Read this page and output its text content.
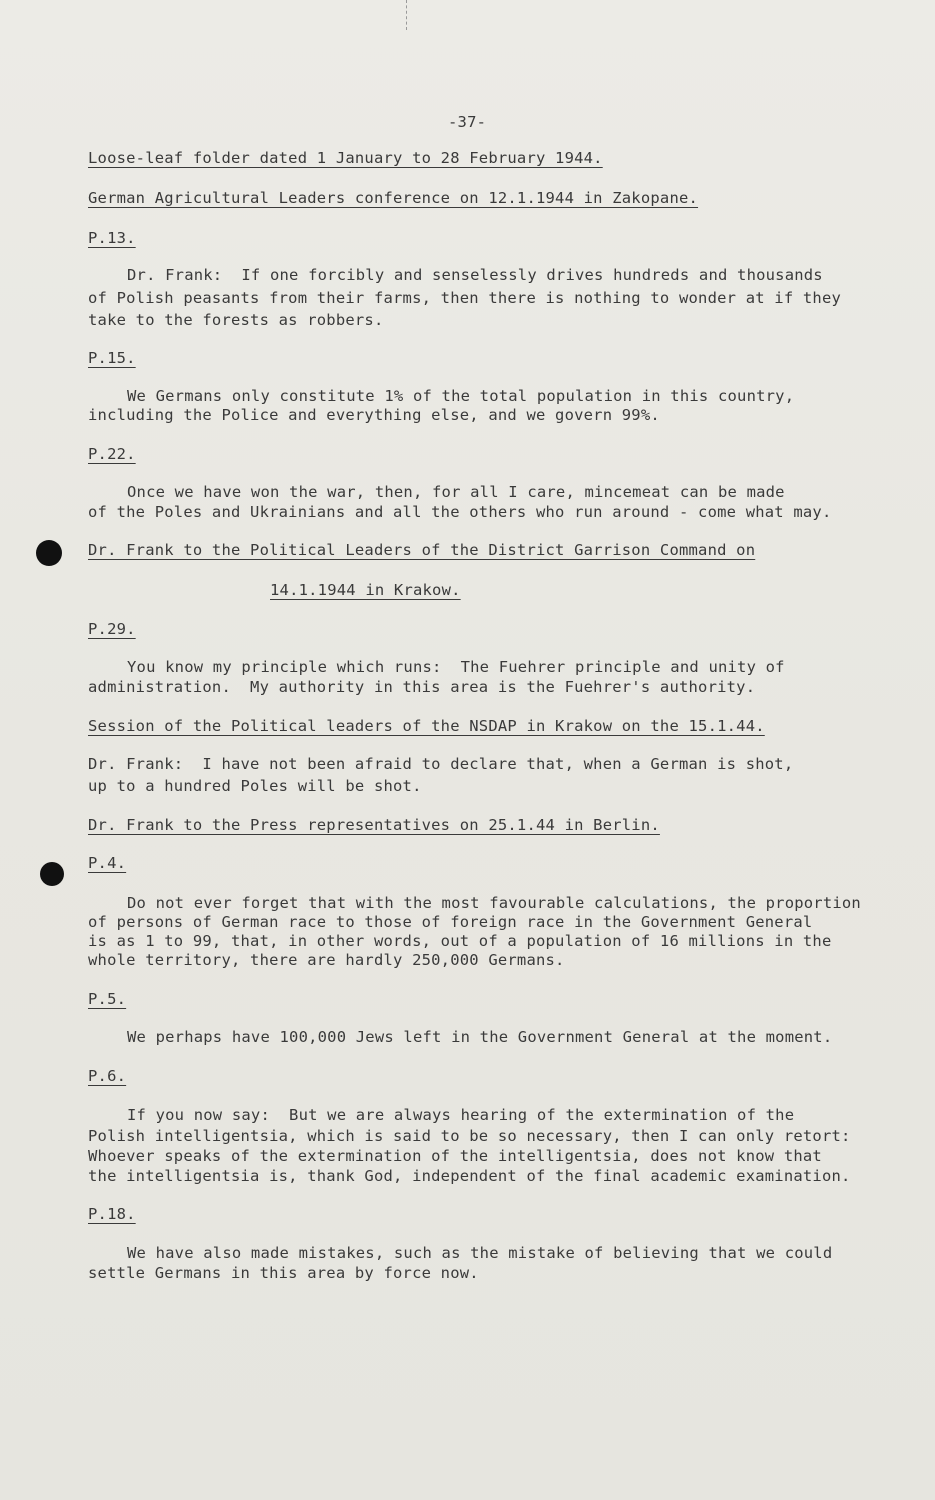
-37-
Loose-leaf folder dated 1 January to 28 February 1944.
German Agricultural Leaders conference on 12.1.1944 in Zakopane.
P.13.
Dr. Frank:  If one forcibly and senselessly drives hundreds and thousands
of Polish peasants from their farms, then there is nothing to wonder at if they
take to the forests as robbers.
P.15.
We Germans only constitute 1% of the total population in this country,
including the Police and everything else, and we govern 99%.
P.22.
Once we have won the war, then, for all I care, mincemeat can be made
of the Poles and Ukrainians and all the others who run around - come what may.
Dr. Frank to the Political Leaders of the District Garrison Command on
14.1.1944 in Krakow.
P.29.
You know my principle which runs:  The Fuehrer principle and unity of
administration.  My authority in this area is the Fuehrer's authority.
Session of the Political leaders of the NSDAP in Krakow on the 15.1.44.
Dr. Frank:  I have not been afraid to declare that, when a German is shot,
up to a hundred Poles will be shot.
Dr. Frank to the Press representatives on 25.1.44 in Berlin.
P.4.
Do not ever forget that with the most favourable calculations, the proportion
of persons of German race to those of foreign race in the Government General
is as 1 to 99, that, in other words, out of a population of 16 millions in the
whole territory, there are hardly 250,000 Germans.
P.5.
We perhaps have 100,000 Jews left in the Government General at the moment.
P.6.
If you now say:  But we are always hearing of the extermination of the
Polish intelligentsia, which is said to be so necessary, then I can only retort:
Whoever speaks of the extermination of the intelligentsia, does not know that
the intelligentsia is, thank God, independent of the final academic examination.
P.18.
We have also made mistakes, such as the mistake of believing that we could
settle Germans in this area by force now.
